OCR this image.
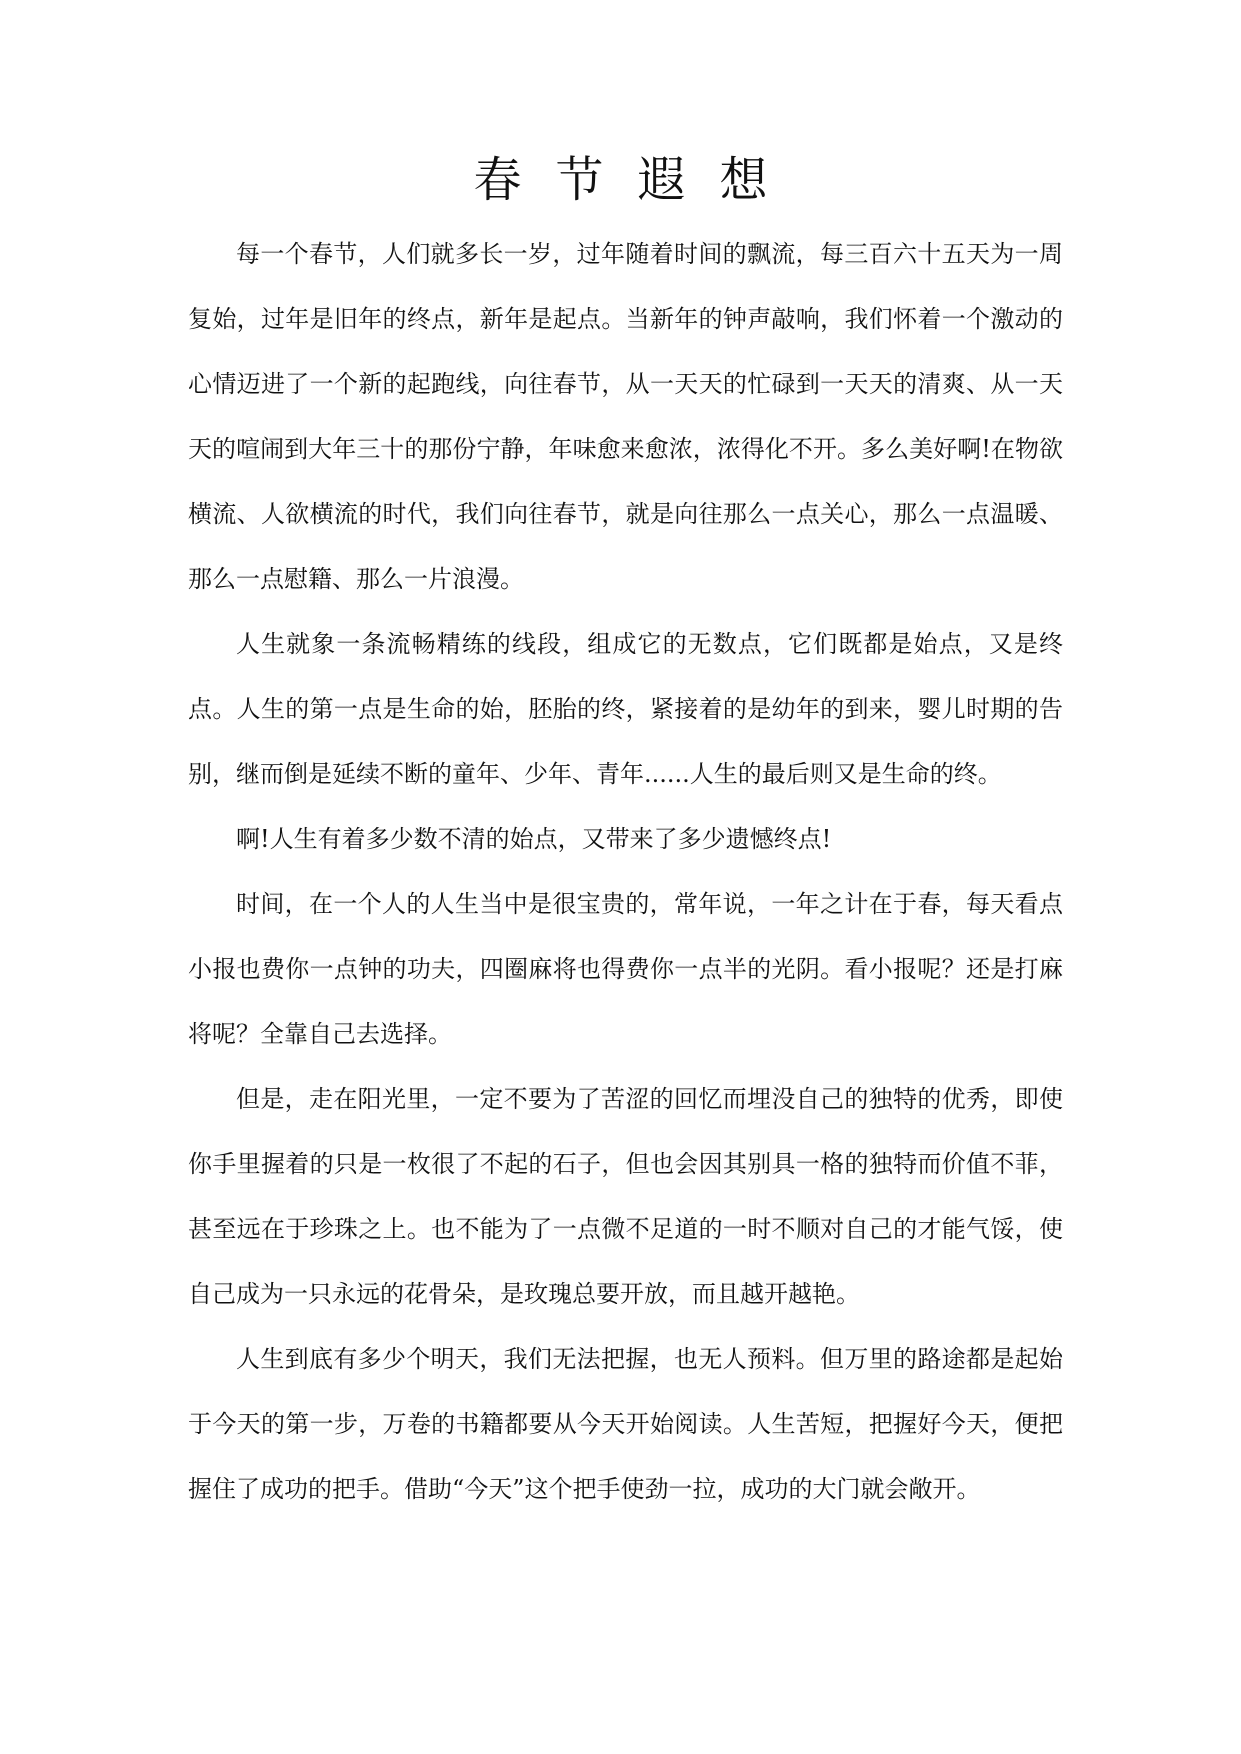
春节遐想

每一个春节，人们就多长一岁，过年随着时间的飘流，每三百六十五天为一周复始，过年是旧年的终点，新年是起点。当新年的钟声敲响，我们怀着一个激动的心情迈进了一个新的起跑线，向往春节，从一天天的忙碌到一天天的清爽、从一天天的喧闹到大年三十的那份宁静，年味愈来愈浓，浓得化不开。多么美好啊!在物欲横流、人欲横流的时代，我们向往春节，就是向往那么一点关心，那么一点温暖、那么一点慰籍、那么一片浪漫。

人生就象一条流畅精练的线段，组成它的无数点，它们既都是始点，又是终点。人生的第一点是生命的始，胚胎的终，紧接着的是幼年的到来，婴儿时期的告别，继而倒是延续不断的童年、少年、青年......人生的最后则又是生命的终。

啊!人生有着多少数不清的始点，又带来了多少遗憾终点!

时间，在一个人的人生当中是很宝贵的，常年说，一年之计在于春，每天看点小报也费你一点钟的功夫，四圈麻将也得费你一点半的光阴。看小报呢？还是打麻将呢？全靠自己去选择。

但是，走在阳光里，一定不要为了苦涩的回忆而埋没自己的独特的优秀，即使你手里握着的只是一枚很了不起的石子，但也会因其别具一格的独特而价值不菲，甚至远在于珍珠之上。也不能为了一点微不足道的一时不顺对自己的才能气馁，使自己成为一只永远的花骨朵，是玫瑰总要开放，而且越开越艳。

人生到底有多少个明天，我们无法把握，也无人预料。但万里的路途都是起始于今天的第一步，万卷的书籍都要从今天开始阅读。人生苦短，把握好今天，便把握住了成功的把手。借助“今天”这个把手使劲一拉，成功的大门就会敞开。
